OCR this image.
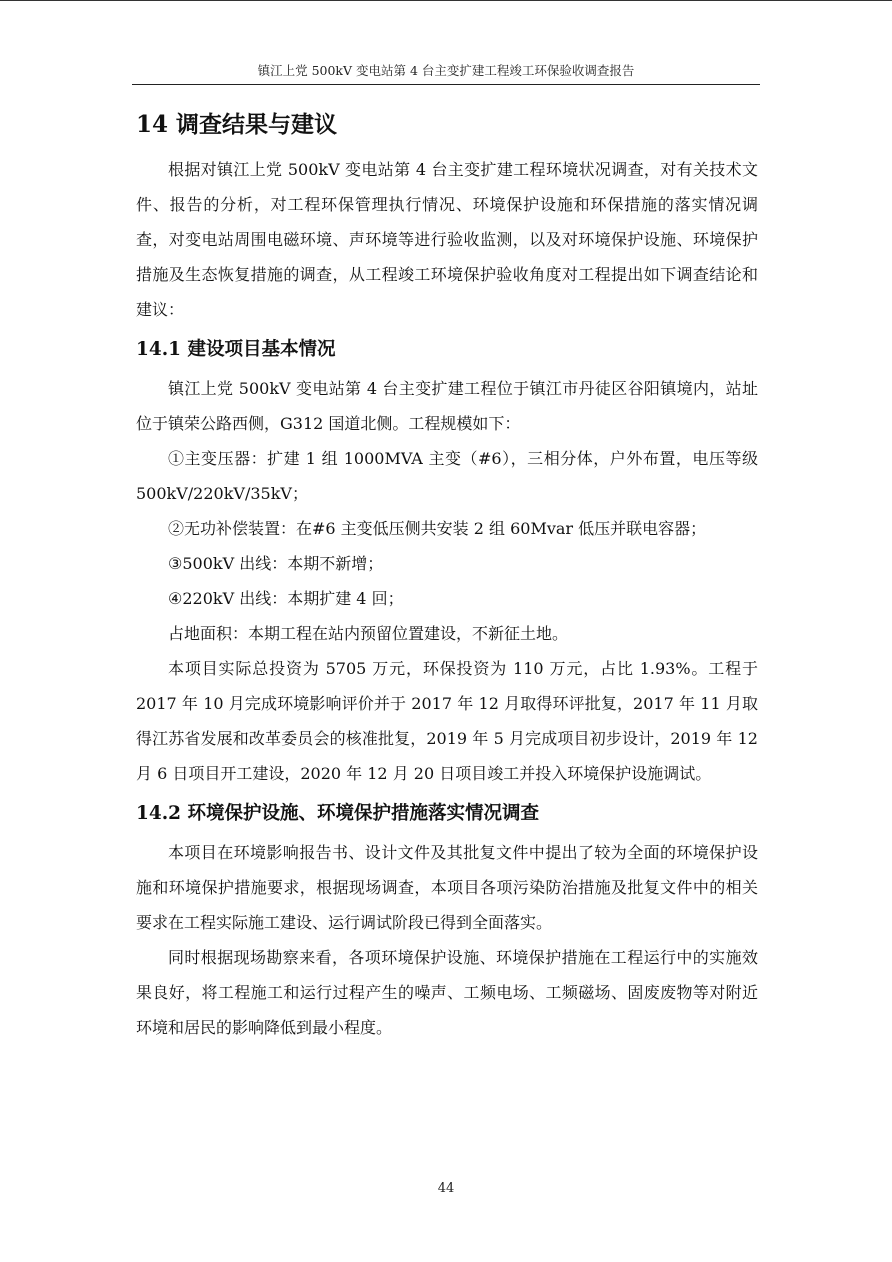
镇江上党 500kV 变电站第 4 台主变扩建工程竣工环保验收调查报告
14 调查结果与建议

根据对镇江上党 500kV 变电站第 4 台主变扩建工程环境状况调查，对有关技术文件、报告的分析，对工程环保管理执行情况、环境保护设施和环保措施的落实情况调查，对变电站周围电磁环境、声环境等进行验收监测，以及对环境保护设施、环境保护措施及生态恢复措施的调查，从工程竣工环境保护验收角度对工程提出如下调查结论和建议：

14.1 建设项目基本情况

镇江上党 500kV 变电站第 4 台主变扩建工程位于镇江市丹徒区谷阳镇境内，站址位于镇荣公路西侧，G312 国道北侧。工程规模如下：

①主变压器：扩建 1 组 1000MVA 主变（#6），三相分体，户外布置，电压等级 500kV/220kV/35kV；

②无功补偿装置：在#6 主变低压侧共安装 2 组 60Mvar 低压并联电容器；

③500kV 出线：本期不新增；

④220kV 出线：本期扩建 4 回；

占地面积：本期工程在站内预留位置建设，不新征土地。

本项目实际总投资为 5705 万元，环保投资为 110 万元，占比 1.93%。工程于 2017 年 10 月完成环境影响评价并于 2017 年 12 月取得环评批复，2017 年 11 月取得江苏省发展和改革委员会的核准批复，2019 年 5 月完成项目初步设计，2019 年 12 月 6 日项目开工建设，2020 年 12 月 20 日项目竣工并投入环境保护设施调试。

14.2 环境保护设施、环境保护措施落实情况调查

本项目在环境影响报告书、设计文件及其批复文件中提出了较为全面的环境保护设施和环境保护措施要求，根据现场调查，本项目各项污染防治措施及批复文件中的相关要求在工程实际施工建设、运行调试阶段已得到全面落实。

同时根据现场勘察来看，各项环境保护设施、环境保护措施在工程运行中的实施效果良好，将工程施工和运行过程产生的噪声、工频电场、工频磁场、固废废物等对附近环境和居民的影响降低到最小程度。

44
